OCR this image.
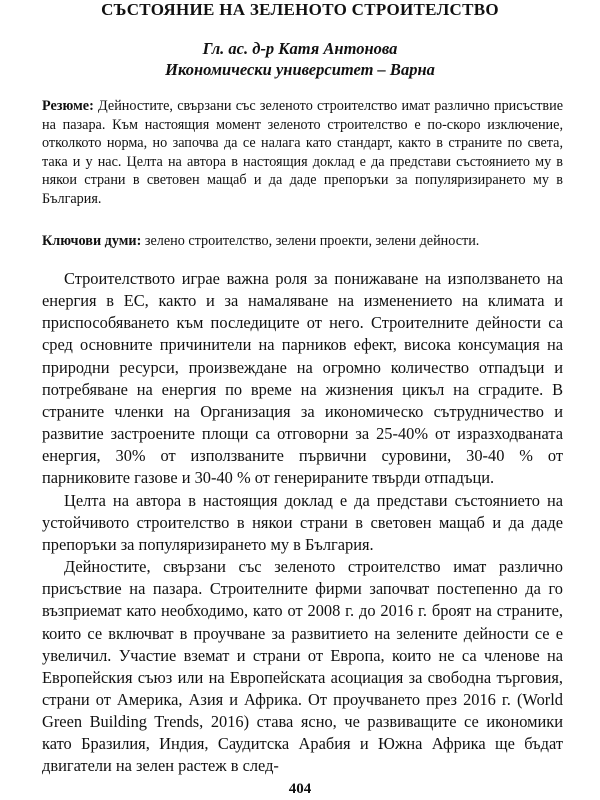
СЪСТОЯНИЕ НА ЗЕЛЕНОТО СТРОИТЕЛСТВО
Гл. ас. д-р Катя Антонова
Икономически университет – Варна

Резюме: Дейностите, свързани със зеленото строителство имат различно присъствие на пазара. Към настоящия момент зеленото строителство е по-скоро изключение, отколкото норма, но започва да се налага като стандарт, както в страните по света, така и у нас. Целта на автора в настоящия доклад е да представи състоянието му в някои страни в световен мащаб и да даде препоръки за популяризирането му в България.

Ключови думи: зелено строителство, зелени проекти, зелени дейности.

Строителството играе важна роля за понижаване на използването на енергия в ЕС, както и за намаляване на изменението на климата и приспособяването към последиците от него. Строителните дейности са сред основните причинители на парников ефект, висока консумация на природни ресурси, произвеждане на огромно количество отпадъци и потребяване на енергия по време на жизнения цикъл на сградите. В страните членки на Организация за икономическо сътрудничество и развитие застроените площи са отговорни за 25-40% от изразходваната енергия, 30% от използваните първични суровини, 30-40 % от парниковите газове и 30-40 % от генерираните твърди отпадъци.

Целта на автора в настоящия доклад е да представи състоянието на устойчивото строителство в някои страни в световен мащаб и да даде препоръки за популяризирането му в България.

Дейностите, свързани със зеленото строителство имат различно присъствие на пазара. Строителните фирми започват постепенно да го възприемат като необходимо, като от 2008 г. до 2016 г. броят на страните, които се включват в проучване за развитието на зелените дейности се е увеличил. Участие вземат и страни от Европа, които не са членове на Европейския съюз или на Европейската асоциация за свободна търговия, страни от Америка, Азия и Африка. От проучването през 2016 г. (World Green Building Trends, 2016) става ясно, че развиващите се икономики като Бразилия, Индия, Саудитска Арабия и Южна Африка ще бъдат двигатели на зелен растеж в след-

404
